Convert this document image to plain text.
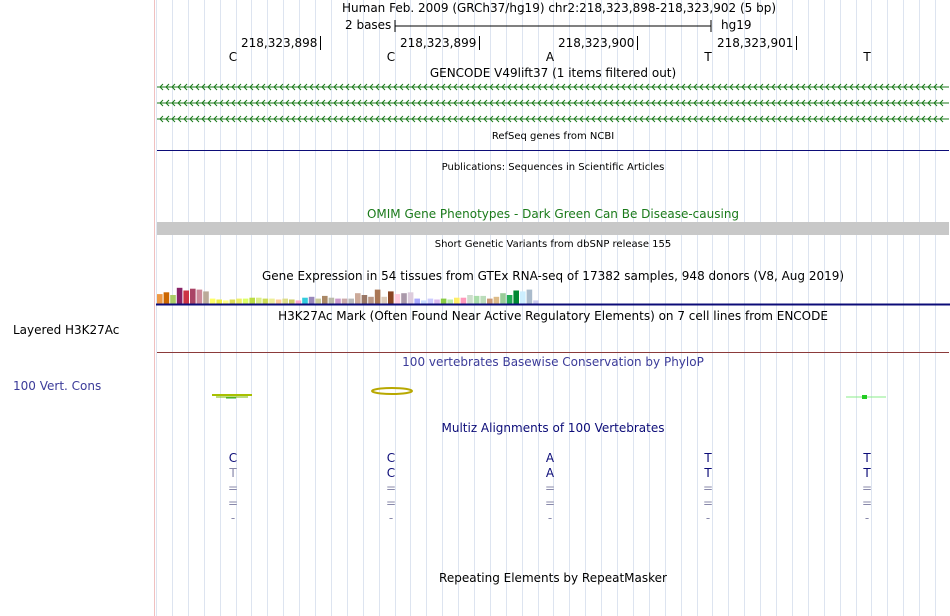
Layered H3K27Ac
100 Vert. Cons
Human Feb. 2009 (GRCh37/hg19) chr2:218,323,898-218,323,902 (5 bp)
2 bases	hg19
218,323,898	218,323,899	218,323,900	218,323,901
C	C	A	T	T
GENCODE V49lift37 (1 items filtered out)
RefSeq genes from NCBI
Publications: Sequences in Scientific Articles
OMIM Gene Phenotypes - Dark Green Can Be Disease-causing
Short Genetic Variants from dbSNP release 155
Gene Expression in 54 tissues from GTEx RNA-seq of 17382 samples, 948 donors (V8, Aug 2019)
H3K27Ac Mark (Often Found Near Active Regulatory Elements) on 7 cell lines from ENCODE
100 vertebrates Basewise Conservation by PhyloP
Multiz Alignments of 100 Vertebrates
C	C	A	T	T
T	C	A	T	T
=	=	=	=	=
=	=	=	=	=
-	-	-	-	-
Repeating Elements by RepeatMasker
